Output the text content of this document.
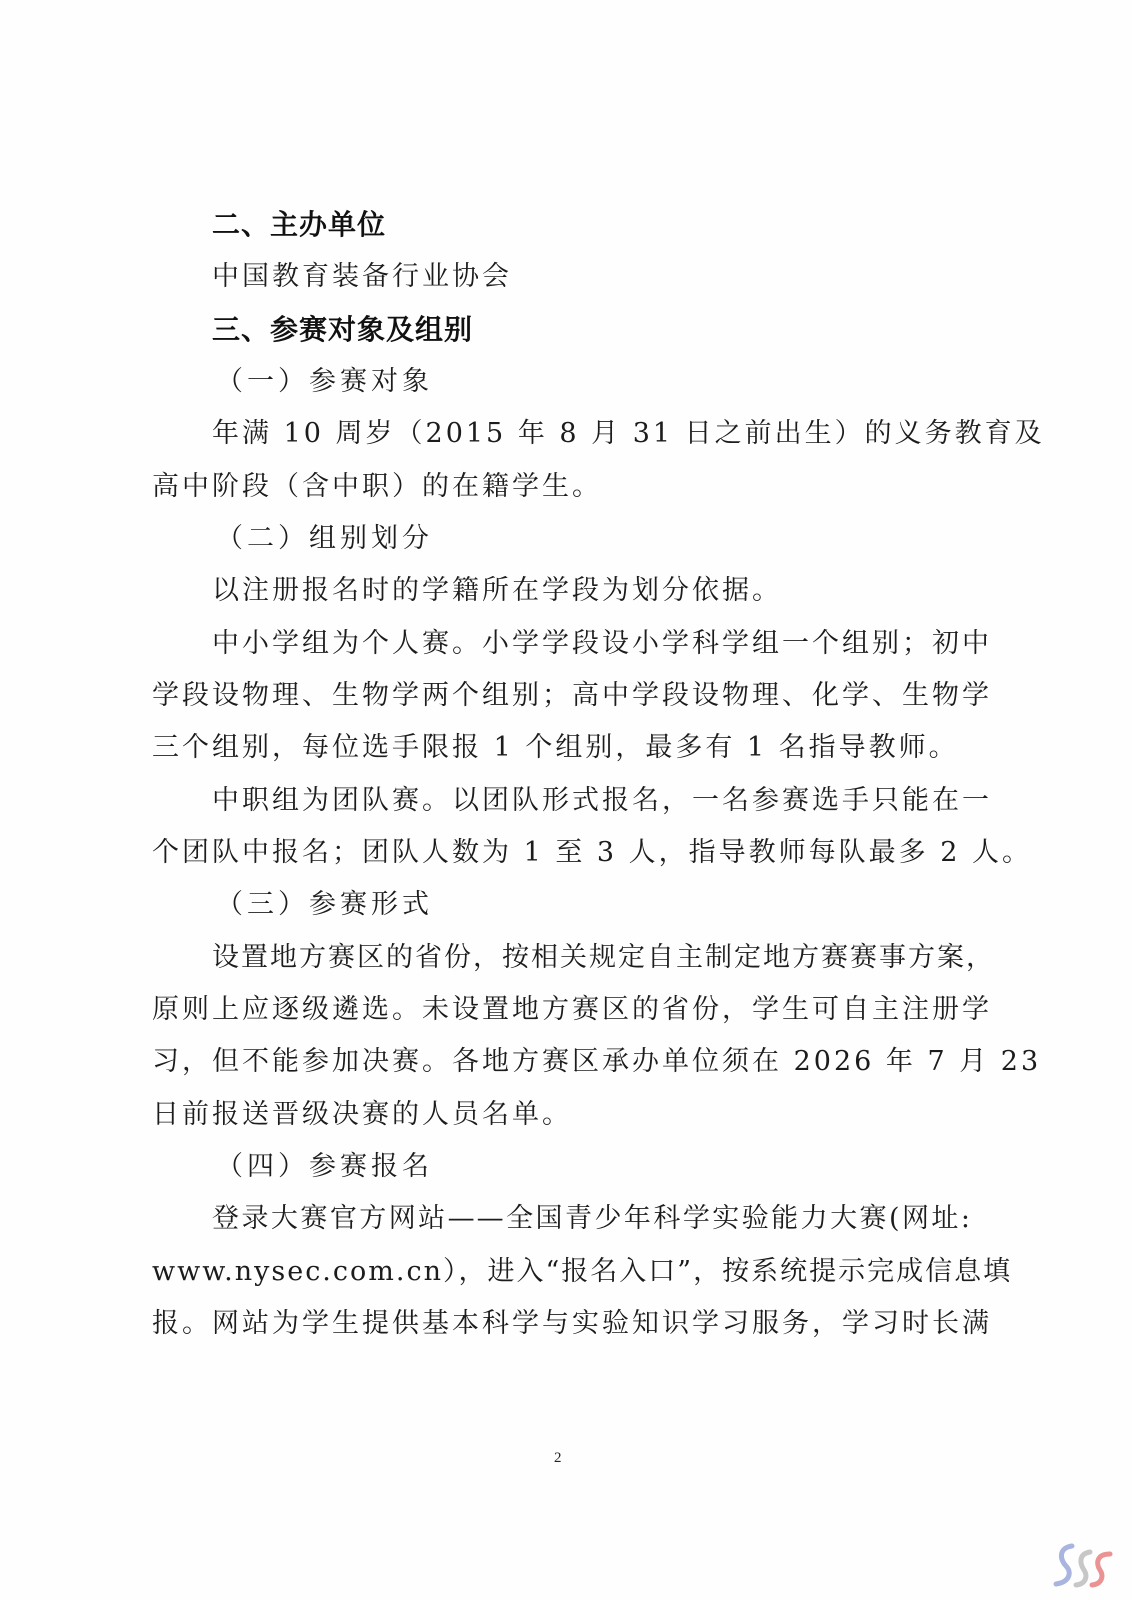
二、主办单位
中国教育装备行业协会
三、参赛对象及组别
（一）参赛对象
年满 10 周岁（2015 年 8 月 31 日之前出生）的义务教育及
高中阶段（含中职）的在籍学生。
（二）组别划分
以注册报名时的学籍所在学段为划分依据。
中小学组为个人赛。小学学段设小学科学组一个组别；初中
学段设物理、生物学两个组别；高中学段设物理、化学、生物学
三个组别，每位选手限报 1 个组别，最多有 1 名指导教师。
中职组为团队赛。以团队形式报名，一名参赛选手只能在一
个团队中报名；团队人数为 1 至 3 人，指导教师每队最多 2 人。
（三）参赛形式
设置地方赛区的省份，按相关规定自主制定地方赛赛事方案，
原则上应逐级遴选。未设置地方赛区的省份，学生可自主注册学
习，但不能参加决赛。各地方赛区承办单位须在 2026 年 7 月 23
日前报送晋级决赛的人员名单。
（四）参赛报名
登录大赛官方网站——全国青少年科学实验能力大赛(网址:
www.nysec.com.cn），进入“报名入口”，按系统提示完成信息填
报。网站为学生提供基本科学与实验知识学习服务，学习时长满
2
